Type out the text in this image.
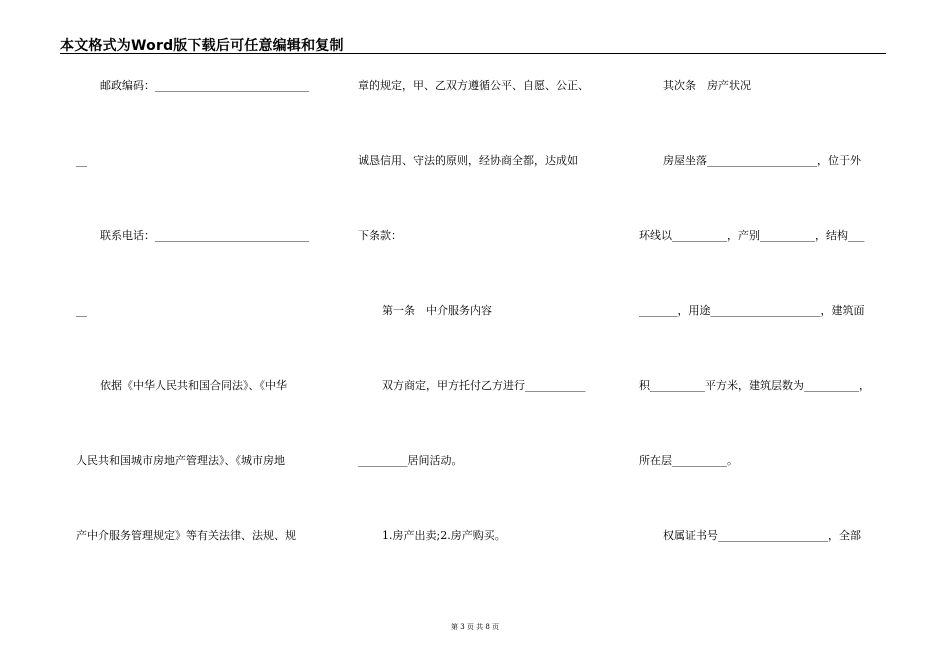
本文格式为Word版下载后可任意编辑和复制
邮政编码：____________________________
__
联系电话：____________________________
__
依据《中华人民共和国合同法》、《中华
人民共和国城市房地产管理法》、《城市房地
产中介服务管理规定》等有关法律、法规、规
章的规定，甲、乙双方遵循公平、自愿、公正、
诚恳信用、守法的原则，经协商全都，达成如
下条款：
第一条　中介服务内容
双方商定，甲方托付乙方进行___________
_________居间活动。
1.房产出卖;2.房产购买。
其次条　房产状况
房屋坐落____________________，位于外
环线以__________，产别__________，结构___
_______，用途____________________，建筑面
积__________平方米，建筑层数为__________，
所在层__________。
权属证书号____________________，全部
第 3 页 共 8 页
